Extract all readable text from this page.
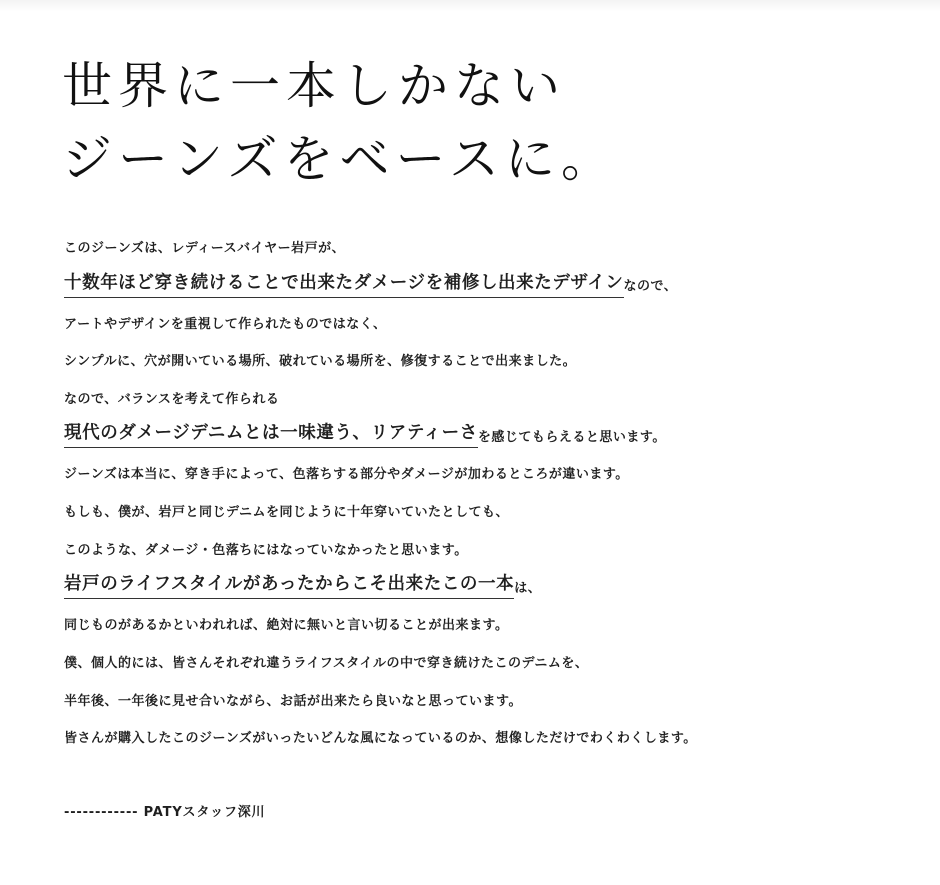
世界に一本しかない
ジーンズをベースに。
このジーンズは、レディースバイヤー岩戸が、
十数年ほど穿き続けることで出来たダメージを補修し出来たデザイン なので、
アートやデザインを重視して作られたものではなく、
シンプルに、穴が開いている場所、破れている場所を、修復することで出来ました。
なので、バランスを考えて作られる
現代のダメージデニムとは一味違う、リアティーさ を感じてもらえると思います。
ジーンズは本当に、穿き手によって、色落ちする部分やダメージが加わるところが違います。
もしも、僕が、岩戸と同じデニムを同じように十年穿いていたとしても、
このような、ダメージ・色落ちにはなっていなかったと思います。
岩戸のライフスタイルがあったからこそ出来たこの一本 は、
同じものがあるかといわれれば、絶対に無いと言い切ることが出来ます。
僕、個人的には、皆さんそれぞれ違うライフスタイルの中で穿き続けたこのデニムを、
半年後、一年後に見せ合いながら、お話が出来たら良いなと思っています。
皆さんが購入したこのジーンズがいったいどんな風になっているのか、想像しただけでわくわくします。
------------ PATYスタッフ深川
